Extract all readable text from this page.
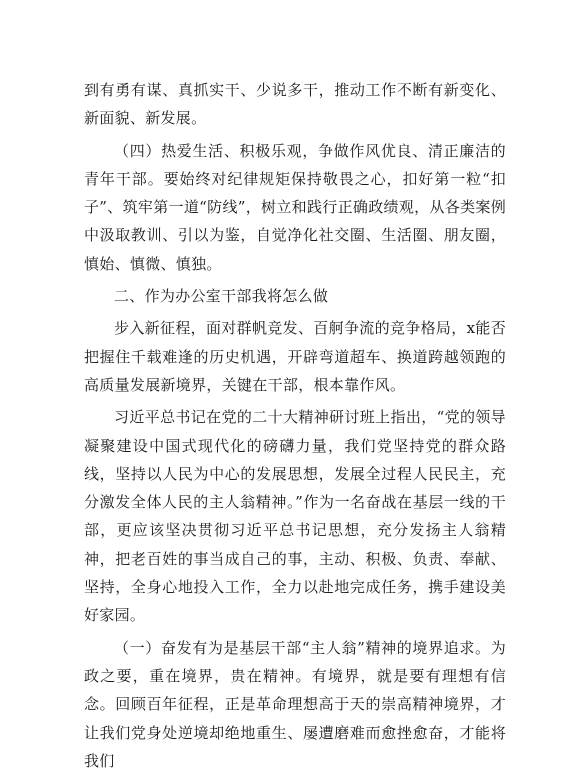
到有勇有谋、真抓实干、少说多干，推动工作不断有新变化、新面貌、新发展。

（四）热爱生活、积极乐观，争做作风优良、清正廉洁的青年干部。要始终对纪律规矩保持敬畏之心，扣好第一粒“扣子”、筑牢第一道“防线”，树立和践行正确政绩观，从各类案例中汲取教训、引以为鉴，自觉净化社交圈、生活圈、朋友圈，慎始、慎微、慎独。

二、作为办公室干部我将怎么做

步入新征程，面对群帆竞发、百舸争流的竞争格局，x能否把握住千载难逢的历史机遇，开辟弯道超车、换道跨越领跑的高质量发展新境界，关键在干部，根本靠作风。

习近平总书记在党的二十大精神研讨班上指出，“党的领导凝聚建设中国式现代化的磅礴力量，我们党坚持党的群众路线，坚持以人民为中心的发展思想，发展全过程人民民主，充分激发全体人民的主人翁精神。”作为一名奋战在基层一线的干部，更应该坚决贯彻习近平总书记思想，充分发扬主人翁精神，把老百姓的事当成自己的事，主动、积极、负责、奉献、坚持，全身心地投入工作，全力以赴地完成任务，携手建设美好家园。

（一）奋发有为是基层干部“主人翁”精神的境界追求。为政之要，重在境界，贵在精神。有境界，就是要有理想有信念。回顾百年征程，正是革命理想高于天的崇高精神境界，才让我们党身处逆境却绝地重生、屡遭磨难而愈挫愈奋，才能将我们
